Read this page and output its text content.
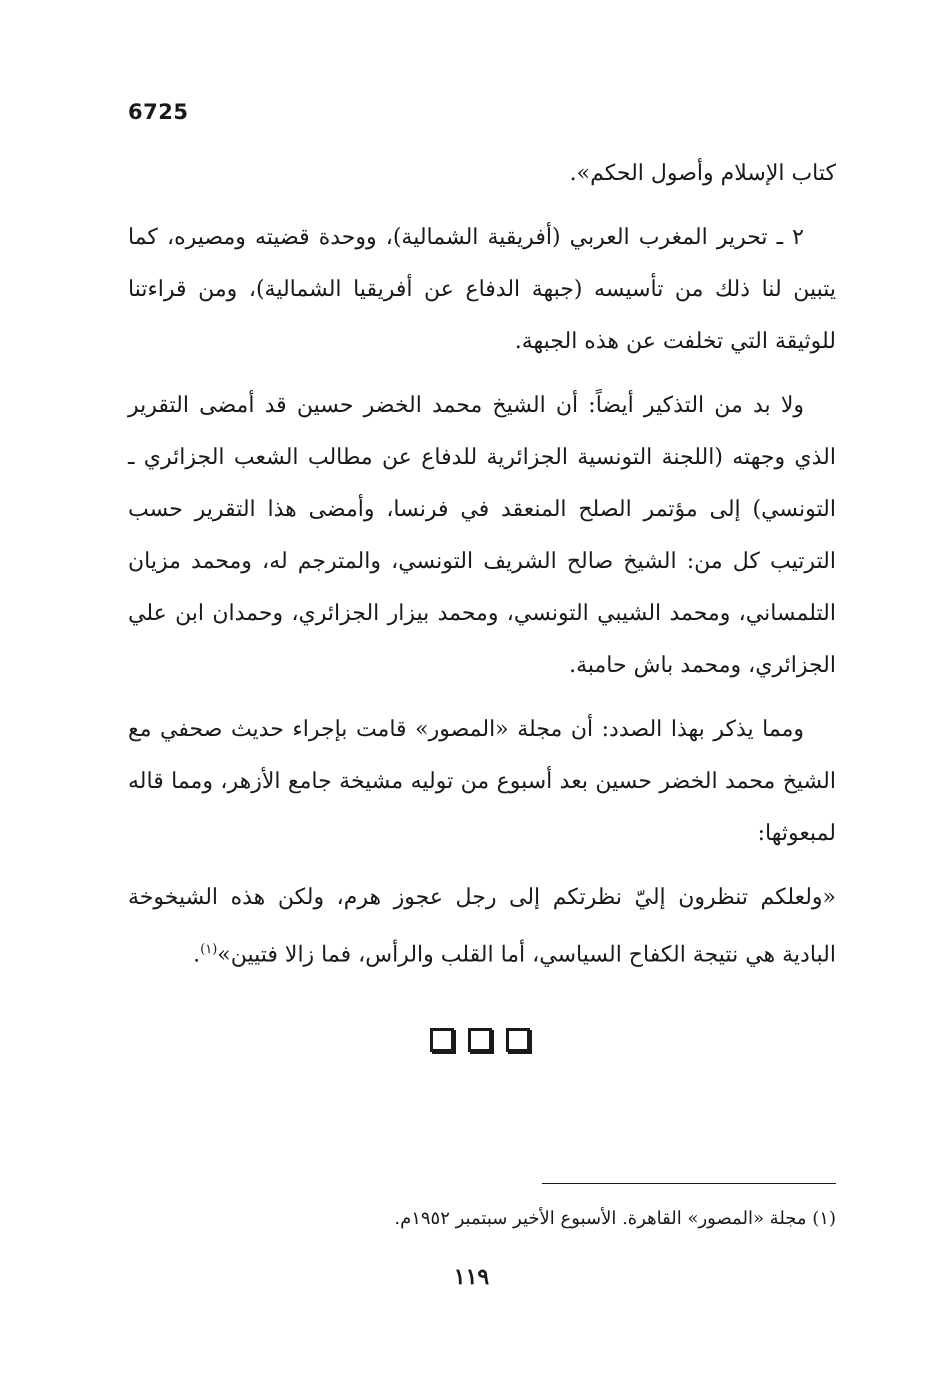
6725

كتاب الإسلام وأصول الحكم».

٢ ـ تحرير المغرب العربي (أفريقية الشمالية)، ووحدة قضيته ومصيره، كما يتبين لنا ذلك من تأسيسه (جبهة الدفاع عن أفريقيا الشمالية)، ومن قراءتنا للوثيقة التي تخلفت عن هذه الجبهة.

ولا بد من التذكير أيضاً: أن الشيخ محمد الخضر حسين قد أمضى التقرير الذي وجهته (اللجنة التونسية الجزائرية للدفاع عن مطالب الشعب الجزائري ـ التونسي) إلى مؤتمر الصلح المنعقد في فرنسا، وأمضى هذا التقرير حسب الترتيب كل من: الشيخ صالح الشريف التونسي، والمترجم له، ومحمد مزيان التلمساني، ومحمد الشيبي التونسي، ومحمد بيزار الجزائري، وحمدان ابن علي الجزائري، ومحمد باش حامبة.

ومما يذكر بهذا الصدد: أن مجلة «المصور» قامت بإجراء حديث صحفي مع الشيخ محمد الخضر حسين بعد أسبوع من توليه مشيخة جامع الأزهر، ومما قاله لمبعوثها:

«ولعلكم تنظرون إليّ نظرتكم إلى رجل عجوز هرم، ولكن هذه الشيخوخة البادية هي نتيجة الكفاح السياسي، أما القلب والرأس، فما زالا فتيين»$^{(١)}$.

(١) مجلة «المصور» القاهرة. الأسبوع الأخير سبتمبر ١٩٥٢م.
١١٩
